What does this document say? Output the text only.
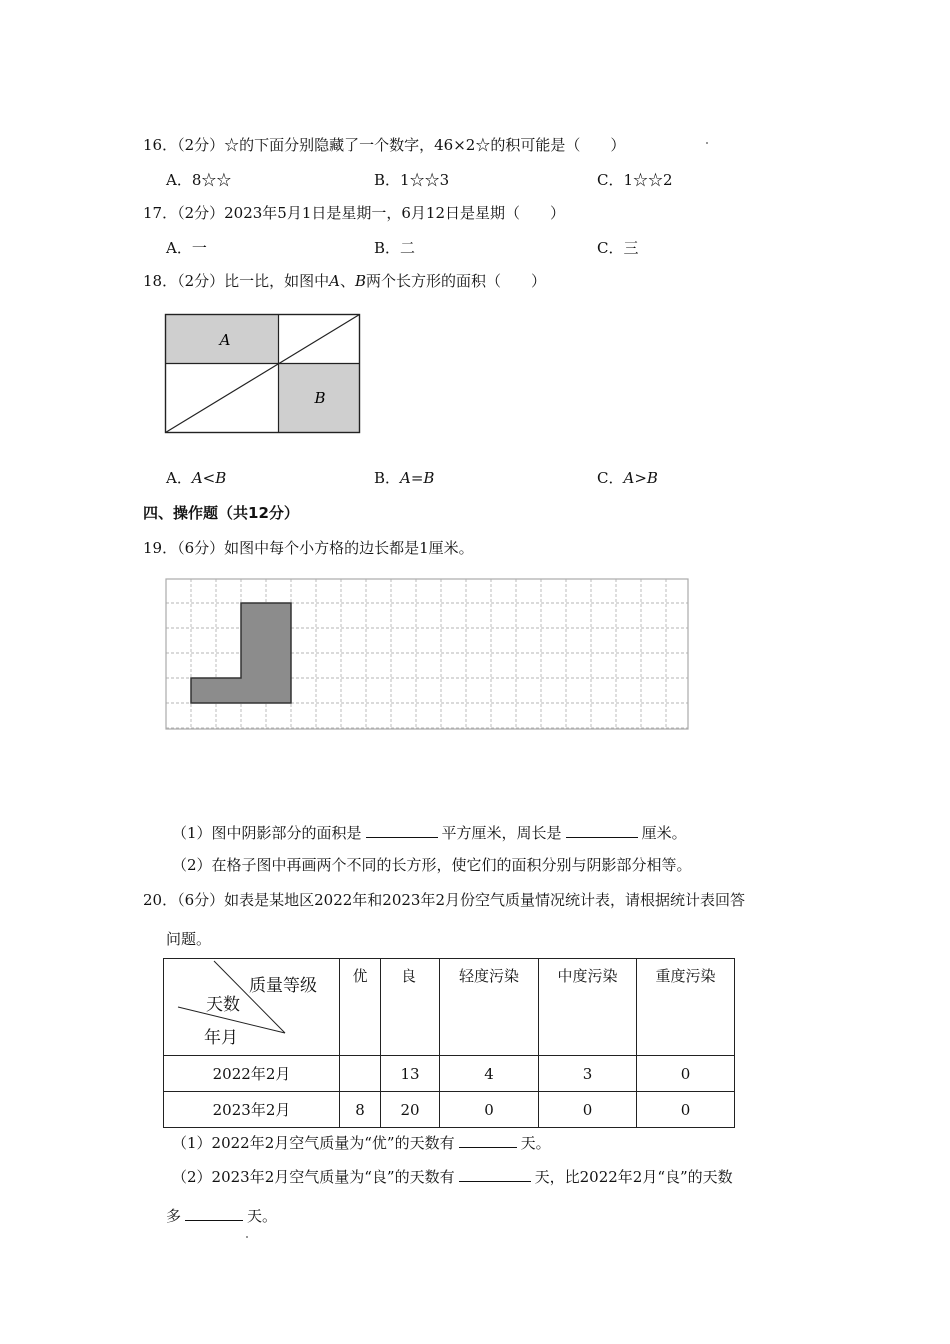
16．（2分）☆的下面分别隐藏了一个数字，46×2☆的积可能是（　　）
A．8☆☆	B．1☆☆3	C．1☆☆2
17．（2分）2023年5月1日是星期一，6月12日是星期（　　）
A．一	B．二	C．三
18．（2分）比一比，如图中A、B两个长方形的面积（　　）
A
B
A．A<B	B．A=B	C．A>B
四、操作题（共12分）
19．（6分）如图中每个小方格的边长都是1厘米。
（1）图中阴影部分的面积是	平方厘米，周长是	厘米。
（2）在格子图中再画两个不同的长方形，使它们的面积分别与阴影部分相等。
20．（6分）如表是某地区2022年和2023年2月份空气质量情况统计表，请根据统计表回答
问题。
质量等级
天数
年月	优	良	轻度污染	中度污染	重度污染
2022年2月		13	4	3	0
2023年2月	8	20	0	0	0
（1）2022年2月空气质量为“优”的天数有	天。
（2）2023年2月空气质量为“良”的天数有	天，比2022年2月“良”的天数
多	天。
